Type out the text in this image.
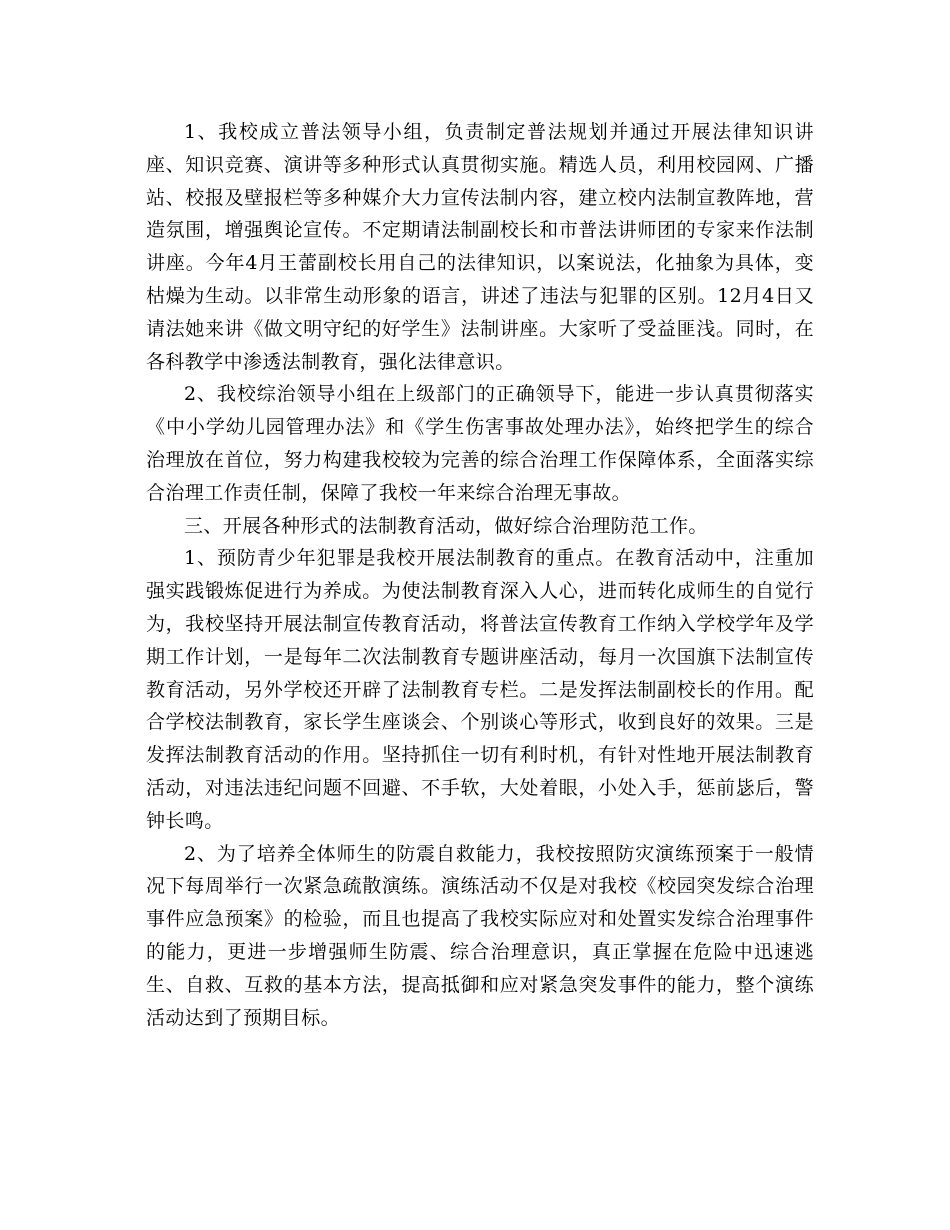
1、我校成立普法领导小组，负责制定普法规划并通过开展法律知识讲座、知识竞赛、演讲等多种形式认真贯彻实施。精选人员，利用校园网、广播站、校报及壁报栏等多种媒介大力宣传法制内容，建立校内法制宣教阵地，营造氛围，增强舆论宣传。不定期请法制副校长和市普法讲师团的专家来作法制讲座。今年4月王蕾副校长用自己的法律知识，以案说法，化抽象为具体，变枯燥为生动。以非常生动形象的语言，讲述了违法与犯罪的区别。12月4日又请法她来讲《做文明守纪的好学生》法制讲座。大家听了受益匪浅。同时，在各科教学中渗透法制教育，强化法律意识。

2、我校综治领导小组在上级部门的正确领导下，能进一步认真贯彻落实《中小学幼儿园管理办法》和《学生伤害事故处理办法》，始终把学生的综合治理放在首位，努力构建我校较为完善的综合治理工作保障体系，全面落实综合治理工作责任制，保障了我校一年来综合治理无事故。

三、开展各种形式的法制教育活动，做好综合治理防范工作。

1、预防青少年犯罪是我校开展法制教育的重点。在教育活动中，注重加强实践锻炼促进行为养成。为使法制教育深入人心，进而转化成师生的自觉行为，我校坚持开展法制宣传教育活动，将普法宣传教育工作纳入学校学年及学期工作计划，一是每年二次法制教育专题讲座活动，每月一次国旗下法制宣传教育活动，另外学校还开辟了法制教育专栏。二是发挥法制副校长的作用。配合学校法制教育，家长学生座谈会、个别谈心等形式，收到良好的效果。三是发挥法制教育活动的作用。坚持抓住一切有利时机，有针对性地开展法制教育活动，对违法违纪问题不回避、不手软，大处着眼，小处入手，惩前毖后，警钟长鸣。

2、为了培养全体师生的防震自救能力，我校按照防灾演练预案于一般情况下每周举行一次紧急疏散演练。演练活动不仅是对我校《校园突发综合治理事件应急预案》的检验，而且也提高了我校实际应对和处置实发综合治理事件的能力，更进一步增强师生防震、综合治理意识，真正掌握在危险中迅速逃生、自救、互救的基本方法，提高抵御和应对紧急突发事件的能力，整个演练活动达到了预期目标。
